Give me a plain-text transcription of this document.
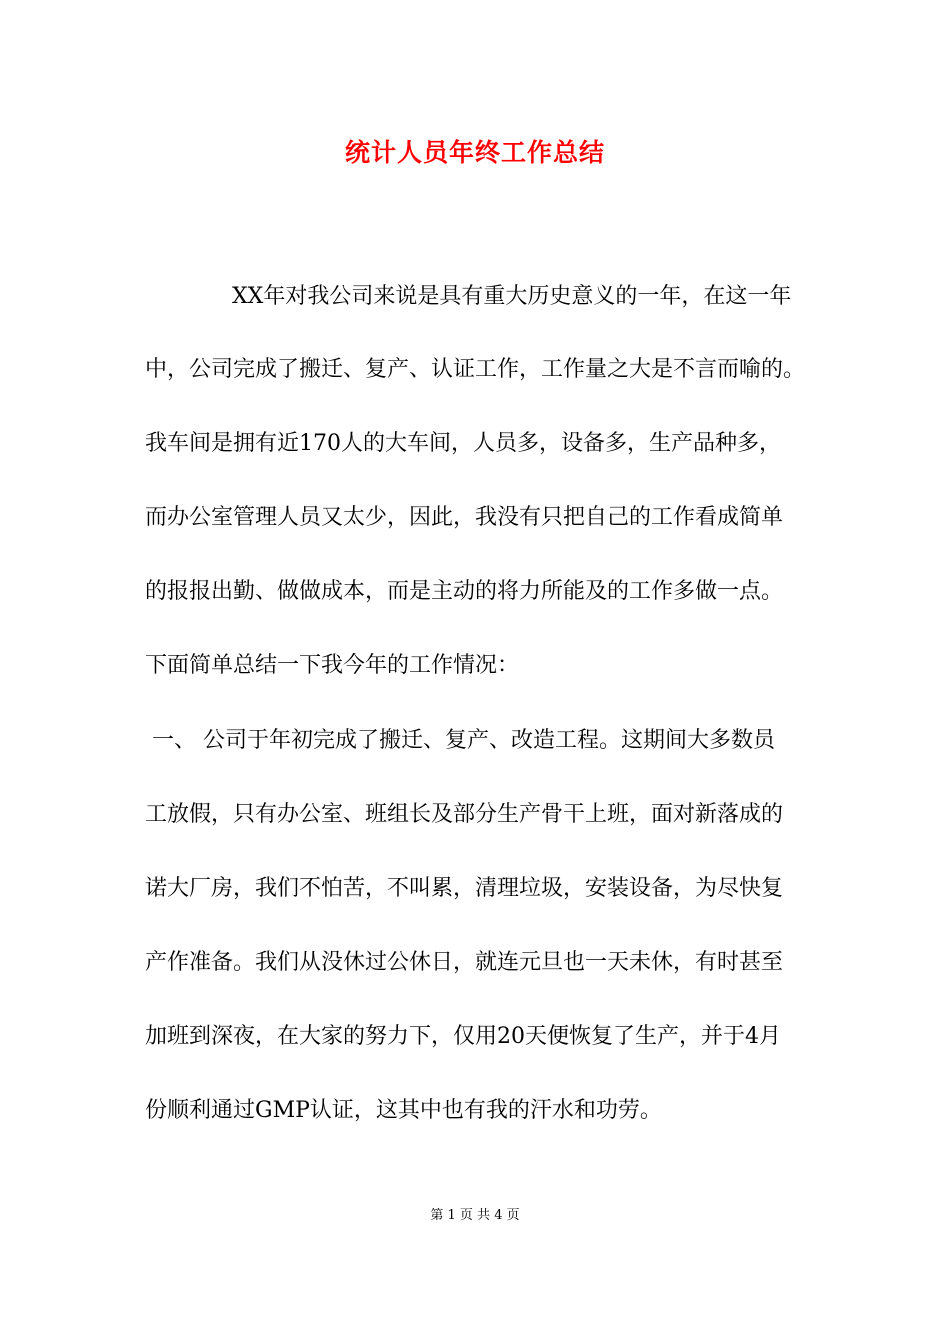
统计人员年终工作总结
XX年对我公司来说是具有重大历史意义的一年，在这一年
中，公司完成了搬迁、复产、认证工作，工作量之大是不言而喻的。
我车间是拥有近170人的大车间，人员多，设备多，生产品种多，
而办公室管理人员又太少，因此，我没有只把自己的工作看成简单
的报报出勤、做做成本，而是主动的将力所能及的工作多做一点。
下面简单总结一下我今年的工作情况：
一、 公司于年初完成了搬迁、复产、改造工程。这期间大多数员
工放假，只有办公室、班组长及部分生产骨干上班，面对新落成的
诺大厂房，我们不怕苦，不叫累，清理垃圾，安装设备，为尽快复
产作准备。我们从没休过公休日，就连元旦也一天未休，有时甚至
加班到深夜，在大家的努力下，仅用20天便恢复了生产，并于4月
份顺利通过GMP认证，这其中也有我的汗水和功劳。
第 1 页 共 4 页
